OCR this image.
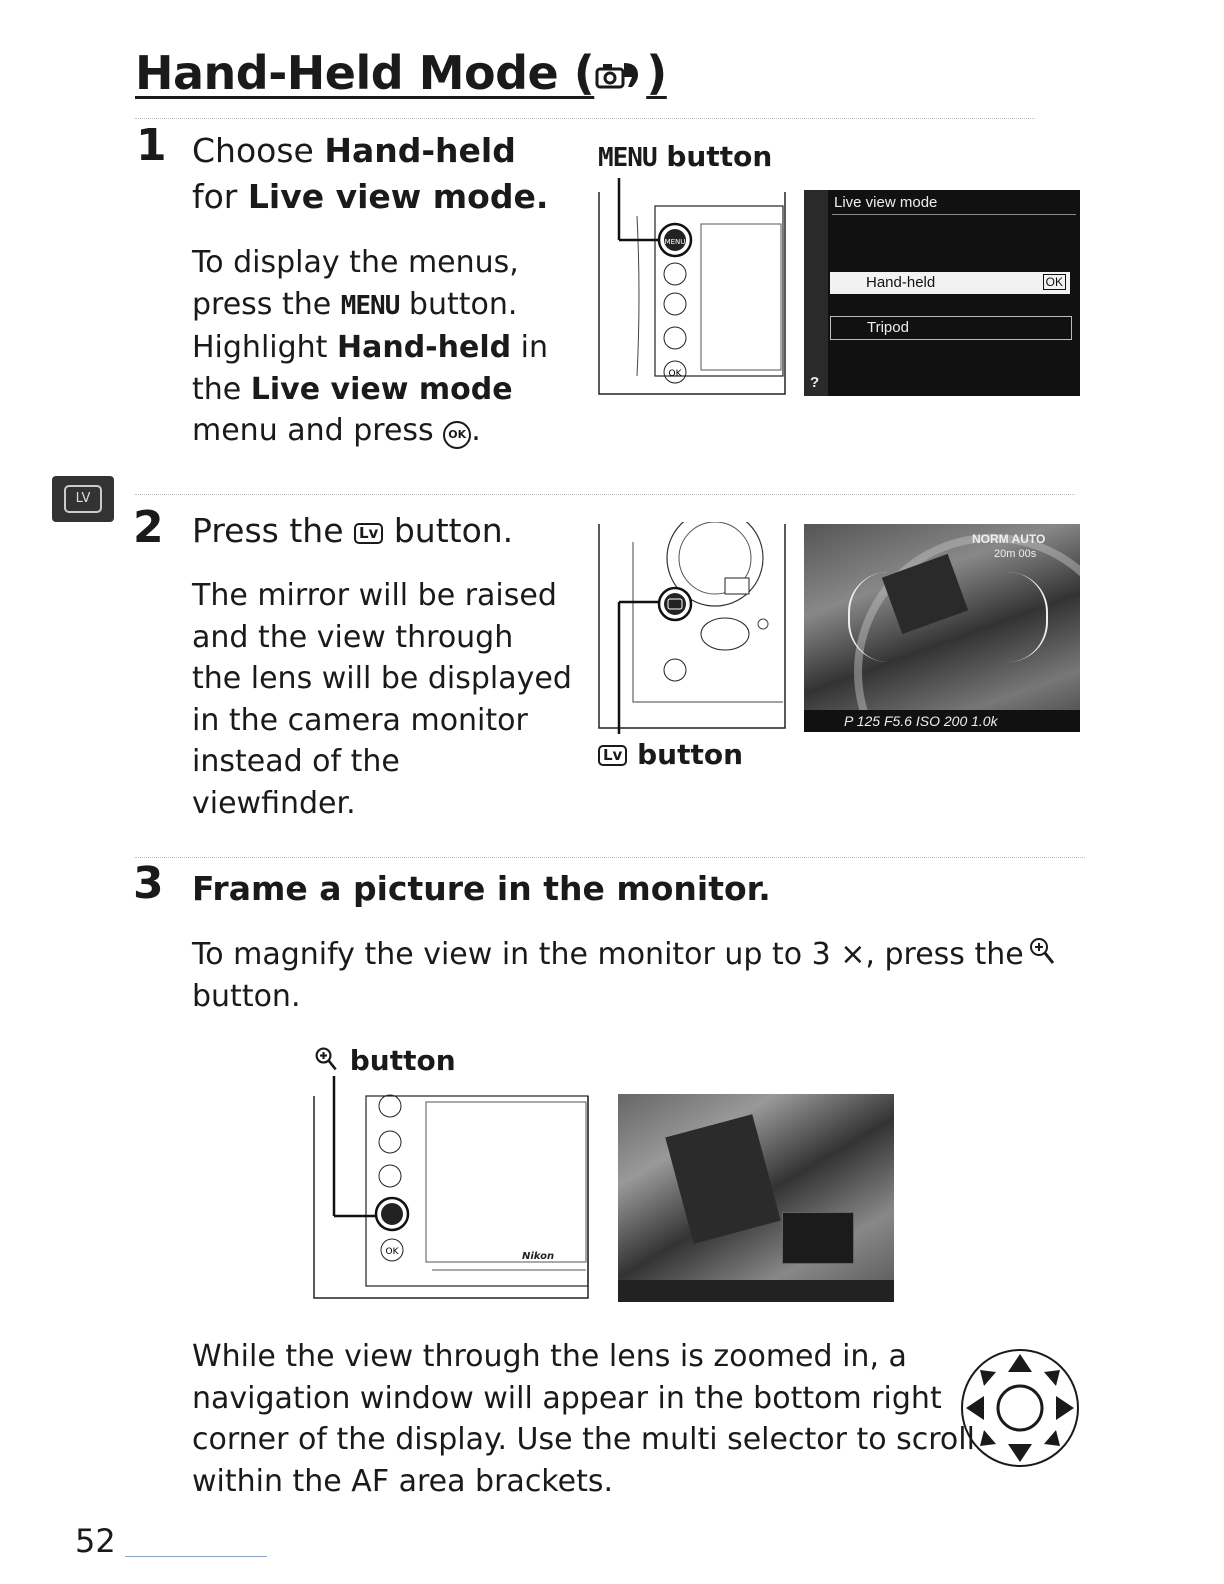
Hand-Held Mode ( )
LV
1 Choose Hand-held
for Live view mode.
To display the menus,
press the MENU button.
Highlight Hand-held in
the Live view mode
menu and press OK .
MENU button
MENU
OK
Live view mode
Hand-held	OK
Tripod
?
2 Press the Lv button.
The mirror will be raised
and the view through
the lens will be displayed
in the camera monitor
instead of the
viewfinder.
Lv button
NORM AUTO
20m 00s
P 125 F5.6 ISO 200 1.0k
3 Frame a picture in the monitor.
To magnify the view in the monitor up to 3 ×, press the
button.
button
Nikon
OK
While the view through the lens is zoomed in, a
navigation window will appear in the bottom right
corner of the display. Use the multi selector to scroll
within the AF area brackets.
52
